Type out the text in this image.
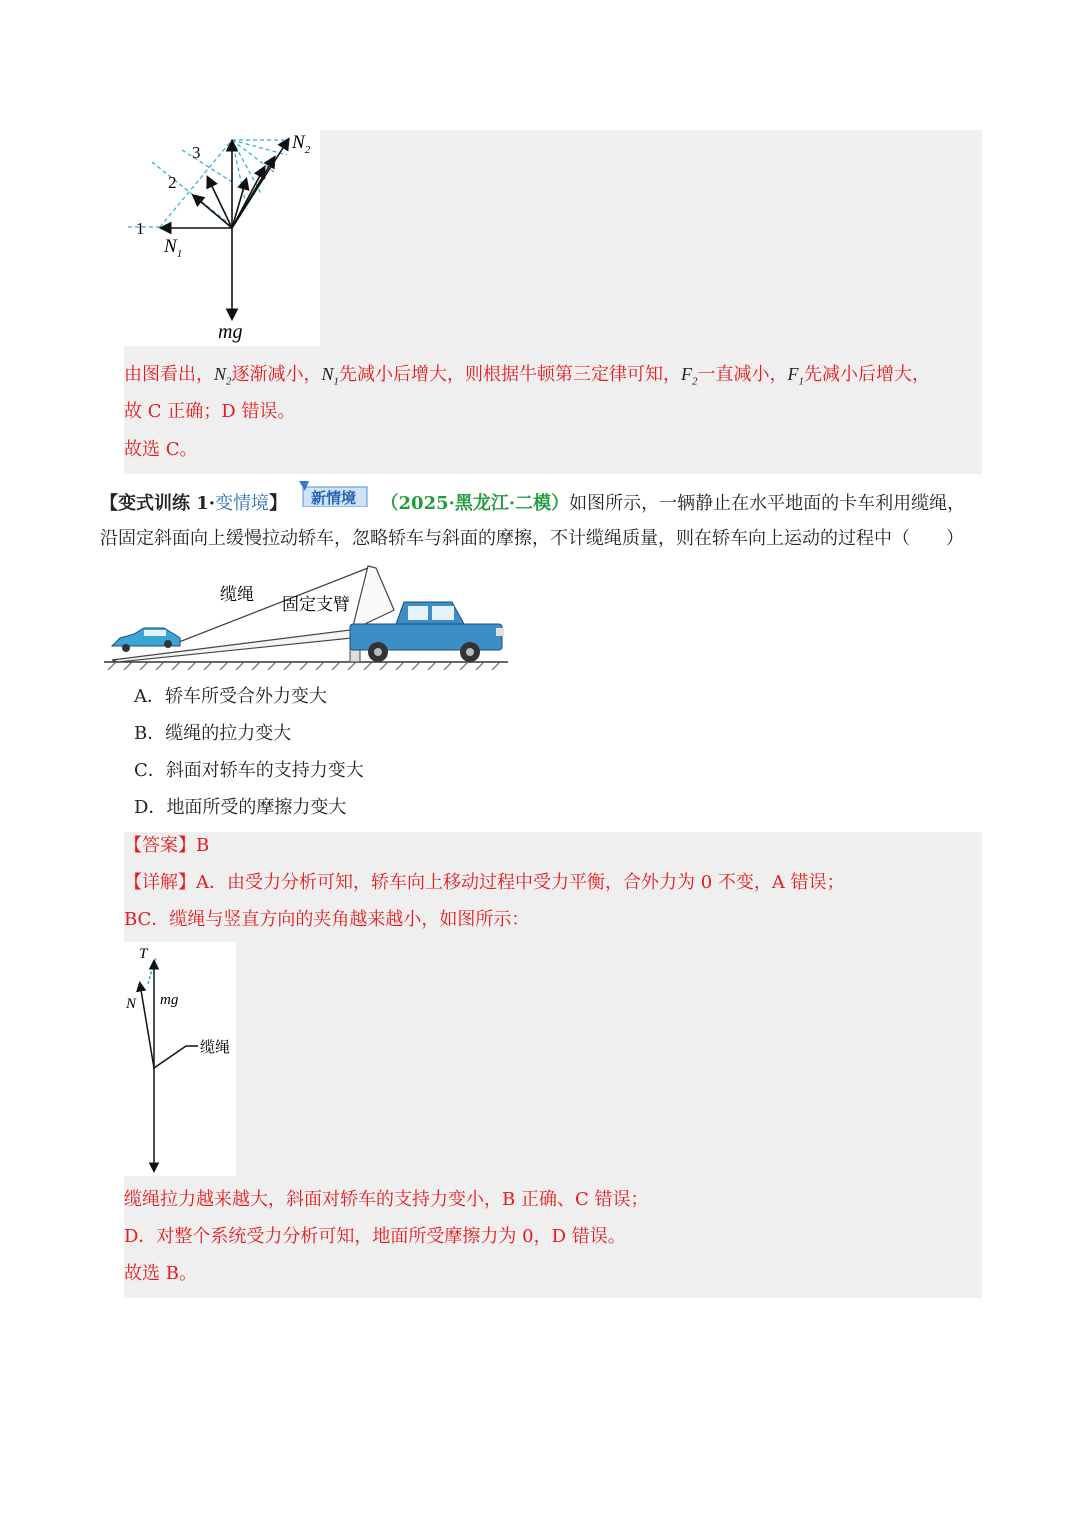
3
2
1
$N_2$
$N_1$
mg
由图看出，$N_2$逐渐减小，$N_1$先减小后增大，则根据牛顿第三定律可知，$F_2$一直减小，$F_1$先减小后增大，
故 C 正确；D 错误。
故选 C。
【变式训练 1·变情境】 新情境 （2025·黑龙江·二模）如图所示，一辆静止在水平地面的卡车利用缆绳，
沿固定斜面向上缓慢拉动轿车，忽略轿车与斜面的摩擦，不计缆绳质量，则在轿车向上运动的过程中（　　）
缆绳
固定支臂
A．轿车所受合外力变大
B．缆绳的拉力变大
C．斜面对轿车的支持力变大
D．地面所受的摩擦力变大
【答案】B
【详解】A．由受力分析可知，轿车向上移动过程中受力平衡，合外力为 0 不变，A 错误；
BC．缆绳与竖直方向的夹角越来越小，如图所示：
T
N mg
缆绳
缆绳拉力越来越大，斜面对轿车的支持力变小，B 正确、C 错误；
D．对整个系统受力分析可知，地面所受摩擦力为 0，D 错误。
故选 B。
